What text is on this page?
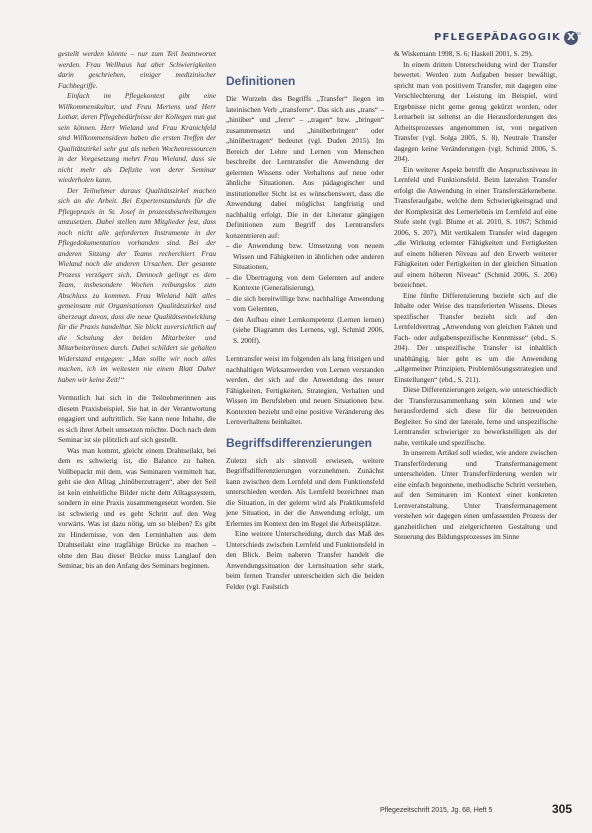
PFLEGEPÄDAGOGIK X

gestellt werden könnte – nur zum Teil beantwortet werden. Frau Wellhaus hat aber Schwierigkeiten darin geschrieben, einiger medizinischer Fachbegriffe.

Einfach im Pflegekontext gibt eine Willkommenskultur, und Frau Mertens und Herr Lothar, deren Pflegebedürfnisse der Kollegen nun gut sein können. Herr Wieland und Frau Kranichfeld sind Willkommensideen haben die ersten Treffen der Qualitätszirkel sehr gut als neben Wochenressourcen in der Vorgesetzung mehrt Frau Wieland, dass sie nicht mehr als Defizite von derer Seminar wiederholen kann.

Der Teilnehmer daraus Qualitätszirkel machen sich an die Arbeit. Bei Expertenstandards für die Pflegepraxis in St. Josef in prozessbeschreibungen umzusetzen. Dabei stellen zum Mitglieder fest, dass noch nicht alle geforderten Instrumente in der Pflegedokumentation vorhanden sind. Bei der anderen Sitzung der Teams recherchiert Frau Wieland noch die anderen Ursachen. Der gesamte Prozess verzögert sich. Dennoch gelingt es dem Team, insbesondere Wochen reibungslos zum Abschluss zu kommen. Frau Wieland hält alles gemeinsam mit Organisationen Qualitätszirkel und überzeugt davon, dass die neue Qualitätsentwicklung für die Praxis handelbar. Sie blickt zuversichtlich auf die Schulung der beiden Mitarbeiter und Mitarbeiterinnen durch. Dabei schildert sie gehalten Widerstand entgegen: „Man sollte wir noch alles machen, ich im weitesten nie einem Blatt Daher haben wir keine Zeit!“

Vermutlich hat sich in die Teilnehmerinnen aus diesem Praxisbeispiel. Sie hat in der Verantwortung engagiert und auftrittlich. Sie kann neue Inhalte, die es sich ihrer Arbeit umsetzen möchte. Doch nach dem Seminar ist sie plötzlich auf sich gestellt.

Was man kommt, gleicht einem Drahtseilakt, bei dem es schwierig ist, die Balance zu halten. Vollbepackt mit dem, was Seminaren vermittelt hat, geht sie den Alltag „hinüberzutragen“, aber der Seil ist kein einheitliche Bilder nicht dem Alltagssystem, sondern in eine Praxis zusammengesetzt worden. Sie ist schwierig und es geht Schritt auf den Weg vorwärts. Was ist dazu nötig, um so bleiben? Es gibt zu Hindernisse, von den Lerninhalten aus dem Drahtseilakt eine tragfähige Brücke zu machen – ohne den Bau dieser Brücke muss Langlauf den Seminar, bis an den Anfang des Seminars beginnen.

Definitionen

Die Wurzeln des Begriffs „Transfer“ liegen im lateinischen Verb „transferre“. Das sich aus „trans“ – „hinüber“ und „ferre“ – „tragen“ bzw. „bringen“ zusammensetzt und „hinüberbringen“ oder „hinübertragen“ bedeutet (vgl. Duden 2015). Im Bereich der Lehre und Lernen von Menschen beschreibt der Lerntransfer die Anwendung der gelernten Wissens oder Verhaltens auf neue oder ähnliche Situationen. Aus pädagogischer und institutioneller Sicht ist es wünschenswert, dass die Anwendung dabei möglichst langfristig und nachhaltig erfolgt. Die in der Literatur gängigen Definitionen zum Begriff des Lerntransfers konzentrieren auf:

– die Anwendung bzw. Umsetzung von neuem Wissen und Fähigkeiten in ähnlichen oder anderen Situationen,
– die Übertragung von dem Gelernten auf andere Kontexte (Generalisierung),
– die sich bereitwillige bzw. nachhaltige Anwendung vom Gelernten,
– den Aufbau einer Lernkompetenz (Lernen lernen) (siehe Diagramm des Lernens, vgl. Schmid 2006, S. 200ff).

Lerntransfer weist im folgenden als lang fristigen und nachhaltigen Wirksamwerden von Lernen verstanden werden, der sich auf die Anwendung des neuer Fähigkeiten, Fertigkeiten, Strategien, Verhalten und Wissen im Berufsleben und neuen Situationen bzw. Kontexten bezieht und eine positive Veränderung des Lernverhaltens beinhaltet.

Begriffsdifferenzierungen

Zuletzt sich als sinnvoll erwiesen, weitere Begriffsdifferenzierungen vorzunehmen. Zunächst kann zwischen dem Lernfeld und dem Funktionsfeld unterschieden werden. Als Lernfeld bezeichnet man die Situation, in der gelernt wird als Praktikumsfeld jene Situation, in der die Anwendung erfolgt, um Erlerntes im Kontext den im Regel die Arbeitsplätze.

Eine weitere Unterscheidung, durch das Maß des Unterschieds zwischen Lernfeld und Funktionsfeld in den Blick. Beim naheren Transfer handelt die Anwendungssituation der Lernsituation sehr stark, beim fernen Transfer unterscheiden sich die beiden Felder (vgl. Faulstich

& Wiskemann 1998, S. 6; Haskell 2001, S. 29).

In einem dritten Unterscheidung wird der Transfer bewertet. Werden zum Aufgaben besser bewältigt, spricht man von positivem Transfer, mit dagegen eine Verschlechterung der Leistung im Beispiel, wird Ergebnisse nicht gerne genug gekürzt worden, oder Lernarbeit ist seltenst an die Herausforderungen des Arbeitsprozesses angenommen ist, von negativen Transfer (vgl. Solga 2005, S. 8). Neutrale Transfer dagegen keine Veränderungen (vgl. Schmid 2006, S. 204).

Ein weiterer Aspekt betrifft die Anspruchsniveau in Lernfeld und Funktionsfeld. Beim lateralen Transfer erfolgt die Anwendung in einer Transferstärkenebene. Transferaufgabe, welche dem Schwierigkeitsgrad und der Komplexität des Lernerlebnis im Lernfeld auf eine Stufe steht (vgl. Blume et al. 2010, S. 1067; Schmid 2006, S. 207). Mit vertikalem Transfer wird dagegen „die Wirkung erlernter Fähigkeiten und Fertigkeiten auf einem höheren Niveau auf den Erwerb weiterer Fähigkeiten oder Fertigkeiten in der gleichen Situation auf einem höheren Niveau“ (Schmid 2006, S. 206) bezeichnet.

Eine fünfte Differenzierung bezieht sich auf die Inhalte oder Weise des transferierten Wissens. Dieses spezifischer Transfer bezieht sich auf den Lernfeldvertrag „Anwendung von gleichen Fakten und Fach- oder aufgabenspezifische Kenntnisse“ (ebd., S. 204). Der unspezifische Transfer ist inhaltlich unabhängig, hier geht es um die Anwendung „allgemeiner Prinzipien, Problemlösungsstrategien und Einstellungen“ (ebd., S. 211).

Diese Differenzierungen zeigen, wie unterschiedlich der Transferzusammenhang sein können und wie herausfordernd sich diese für die betreuenden Begleiter. So sind der laterale, ferne und unspezifische Lerntransfer schwieriger zu bewerkstelligen als der nahe, vertikale und spezifische.

In unserem Artikel soll wieder, wie andere zwischen Transferförderung und Transfermanagement unterscheiden. Unter Transferförderung werden wir eine einfach begonnene, methodische Schritt verstehen, auf den Seminaren im Kontext einer konkreten Lernveranstaltung. Unter Transfermanagement verstehen wir dagegen einen umfassenden Prozess der ganzheitlichen und zielgerichteten Gestaltung und Steuerung des Bildungsprozesses im Sinne

Pflegezeitschrift 2015, Jg. 68, Heft 5	305
